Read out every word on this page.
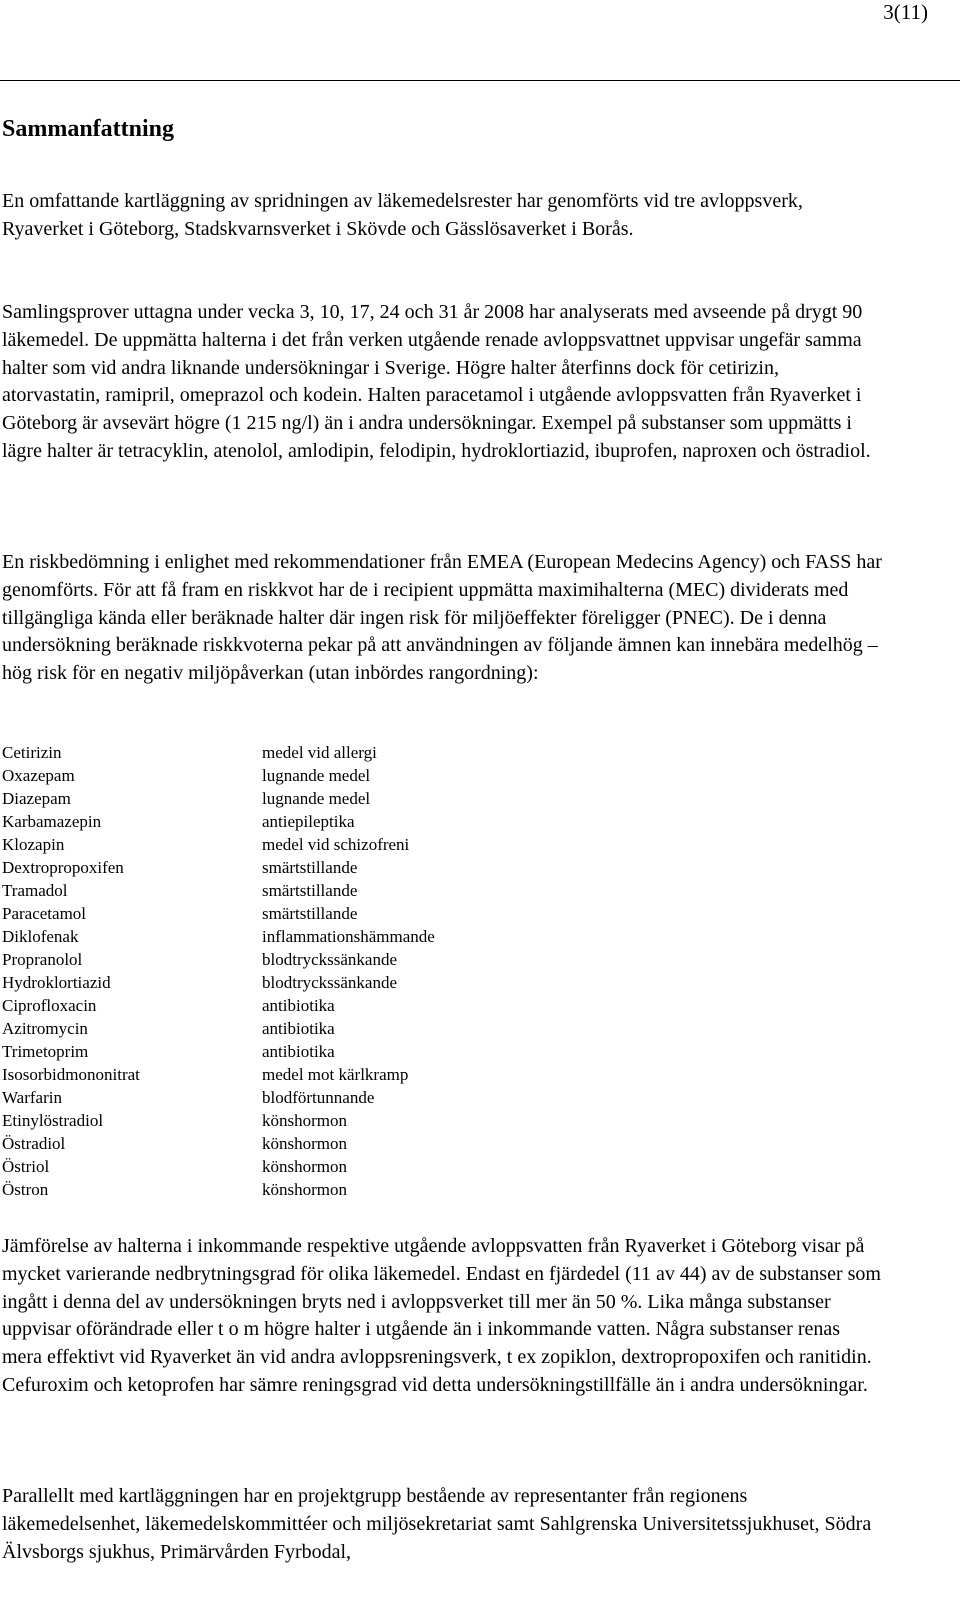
3(11)
Sammanfattning

En omfattande kartläggning av spridningen av läkemedelsrester har genomförts vid tre avloppsverk, Ryaverket i Göteborg, Stadskvarnsverket i Skövde och Gässlösaverket i Borås.

Samlingsprover uttagna under vecka 3, 10, 17, 24 och 31 år 2008 har analyserats med avseende på drygt 90 läkemedel. De uppmätta halterna i det från verken utgående renade avloppsvattnet uppvisar ungefär samma halter som vid andra liknande undersökningar i Sverige. Högre halter återfinns dock för cetirizin, atorvastatin, ramipril, omeprazol och kodein. Halten paracetamol i utgående avloppsvatten från Ryaverket i Göteborg är avsevärt högre (1 215 ng/l) än i andra undersökningar. Exempel på substanser som uppmätts i lägre halter är tetracyklin, atenolol, amlodipin, felodipin, hydroklortiazid, ibuprofen, naproxen och östradiol.

En riskbedömning i enlighet med rekommendationer från EMEA (European Medecins Agency) och FASS har genomförts. För att få fram en riskkvot har de i recipient uppmätta maximihalterna (MEC) dividerats med tillgängliga kända eller beräknade halter där ingen risk för miljöeffekter föreligger (PNEC). De i denna undersökning beräknade riskkvoterna pekar på att användningen av följande ämnen kan innebära medelhög – hög risk för en negativ miljöpåverkan (utan inbördes rangordning):

Cetirizin	medel vid allergi
Oxazepam	lugnande medel
Diazepam	lugnande medel
Karbamazepin	antiepileptika
Klozapin	medel vid schizofreni
Dextropropoxifen	smärtstillande
Tramadol	smärtstillande
Paracetamol	smärtstillande
Diklofenak	inflammationshämmande
Propranolol	blodtryckssänkande
Hydroklortiazid	blodtryckssänkande
Ciprofloxacin	antibiotika
Azitromycin	antibiotika
Trimetoprim	antibiotika
Isosorbidmononitrat	medel mot kärlkramp
Warfarin	blodförtunnande
Etinylöstradiol	könshormon
Östradiol	könshormon
Östriol	könshormon
Östron	könshormon

Jämförelse av halterna i inkommande respektive utgående avloppsvatten från Ryaverket i Göteborg visar på mycket varierande nedbrytningsgrad för olika läkemedel. Endast en fjärdedel (11 av 44) av de substanser som ingått i denna del av undersökningen bryts ned i avloppsverket till mer än 50 %. Lika många substanser uppvisar oförändrade eller t o m högre halter i utgående än i inkommande vatten. Några substanser renas mera effektivt vid Ryaverket än vid andra avloppsreningsverk, t ex zopiklon, dextropropoxifen och ranitidin. Cefuroxim och ketoprofen har sämre reningsgrad vid detta undersökningstillfälle än i andra undersökningar.

Parallellt med kartläggningen har en projektgrupp bestående av representanter från regionens läkemedelsenhet, läkemedelskommittéer och miljösekretariat samt Sahlgrenska Universitetssjukhuset, Södra Älvsborgs sjukhus, Primärvården Fyrbodal,
